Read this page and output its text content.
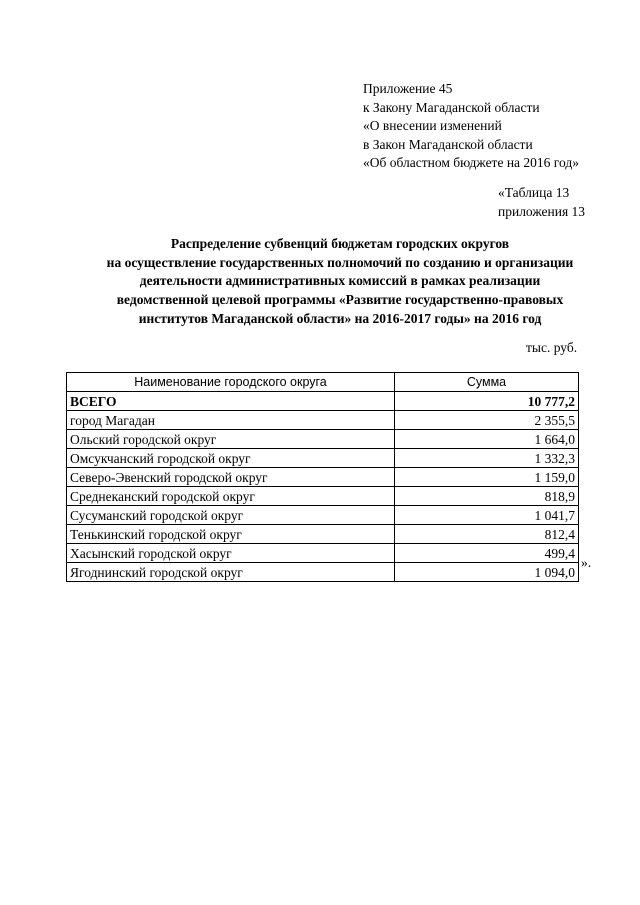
Приложение 45
к Закону Магаданской области
«О внесении изменений
в Закон Магаданской области
«Об областном бюджете на 2016 год»
«Таблица 13
приложения 13
Распределение субвенций бюджетам городских округов
на осуществление государственных полномочий по созданию и организации
деятельности административных комиссий в рамках реализации
ведомственной целевой программы «Развитие государственно-правовых
институтов Магаданской области» на 2016-2017 годы» на 2016 год
тыс. руб.
Наименование городского округа	Сумма
ВСЕГО	10 777,2
город Магадан	2 355,5
Ольский городской округ	1 664,0
Омсукчанский городской округ	1 332,3
Северо-Эвенский городской округ	1 159,0
Среднеканский городской округ	818,9
Сусуманский городской округ	1 041,7
Тенькинский городской округ	812,4
Хасынский городской округ	499,4
Ягоднинский городской округ	1 094,0
».
